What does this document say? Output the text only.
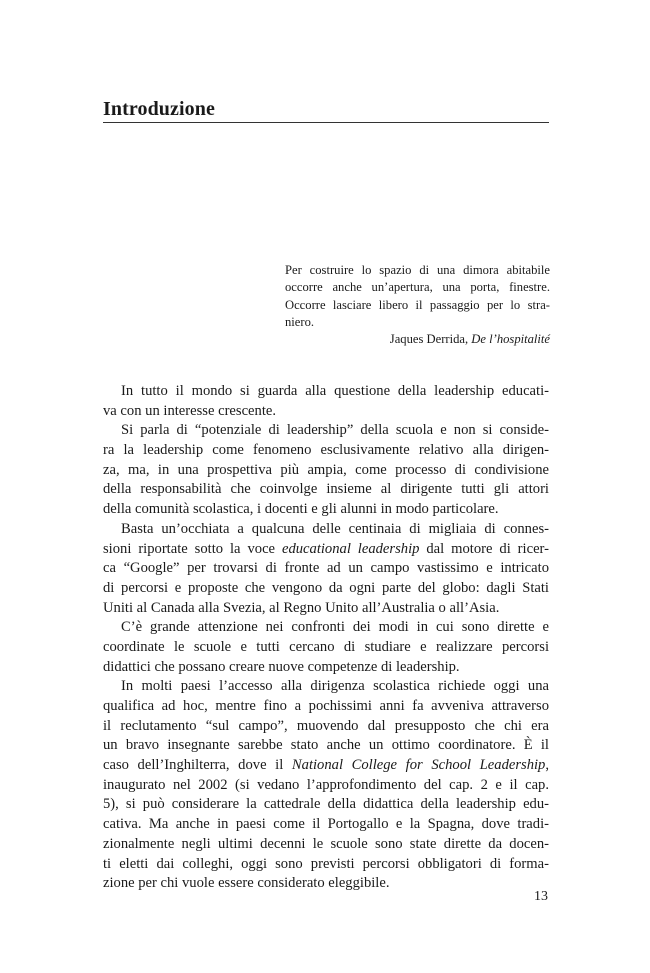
Introduzione
Per costruire lo spazio di una dimora abitabile
occorre anche un’apertura, una porta, finestre.
Occorre lasciare libero il passaggio per lo stra-
niero.
Jaques Derrida, De l’hospitalité
In tutto il mondo si guarda alla questione della leadership educati-
va con un interesse crescente.
Si parla di “potenziale di leadership” della scuola e non si conside-
ra la leadership come fenomeno esclusivamente relativo alla dirigen-
za, ma, in una prospettiva più ampia, come processo di condivisione
della responsabilità che coinvolge insieme al dirigente tutti gli attori
della comunità scolastica, i docenti e gli alunni in modo particolare.
Basta un’occhiata a qualcuna delle centinaia di migliaia di connes-
sioni riportate sotto la voce educational leadership dal motore di ricer-
ca “Google” per trovarsi di fronte ad un campo vastissimo e intricato
di percorsi e proposte che vengono da ogni parte del globo: dagli Stati
Uniti al Canada alla Svezia, al Regno Unito all’Australia o all’Asia.
C’è grande attenzione nei confronti dei modi in cui sono dirette e
coordinate le scuole e tutti cercano di studiare e realizzare percorsi
didattici che possano creare nuove competenze di leadership.
In molti paesi l’accesso alla dirigenza scolastica richiede oggi una
qualifica ad hoc, mentre fino a pochissimi anni fa avveniva attraverso
il reclutamento “sul campo”, muovendo dal presupposto che chi era
un bravo insegnante sarebbe stato anche un ottimo coordinatore. È il
caso dell’Inghilterra, dove il National College for School Leadership,
inaugurato nel 2002 (si vedano l’approfondimento del cap. 2 e il cap.
5), si può considerare la cattedrale della didattica della leadership edu-
cativa. Ma anche in paesi come il Portogallo e la Spagna, dove tradi-
zionalmente negli ultimi decenni le scuole sono state dirette da docen-
ti eletti dai colleghi, oggi sono previsti percorsi obbligatori di forma-
zione per chi vuole essere considerato eleggibile.
13
